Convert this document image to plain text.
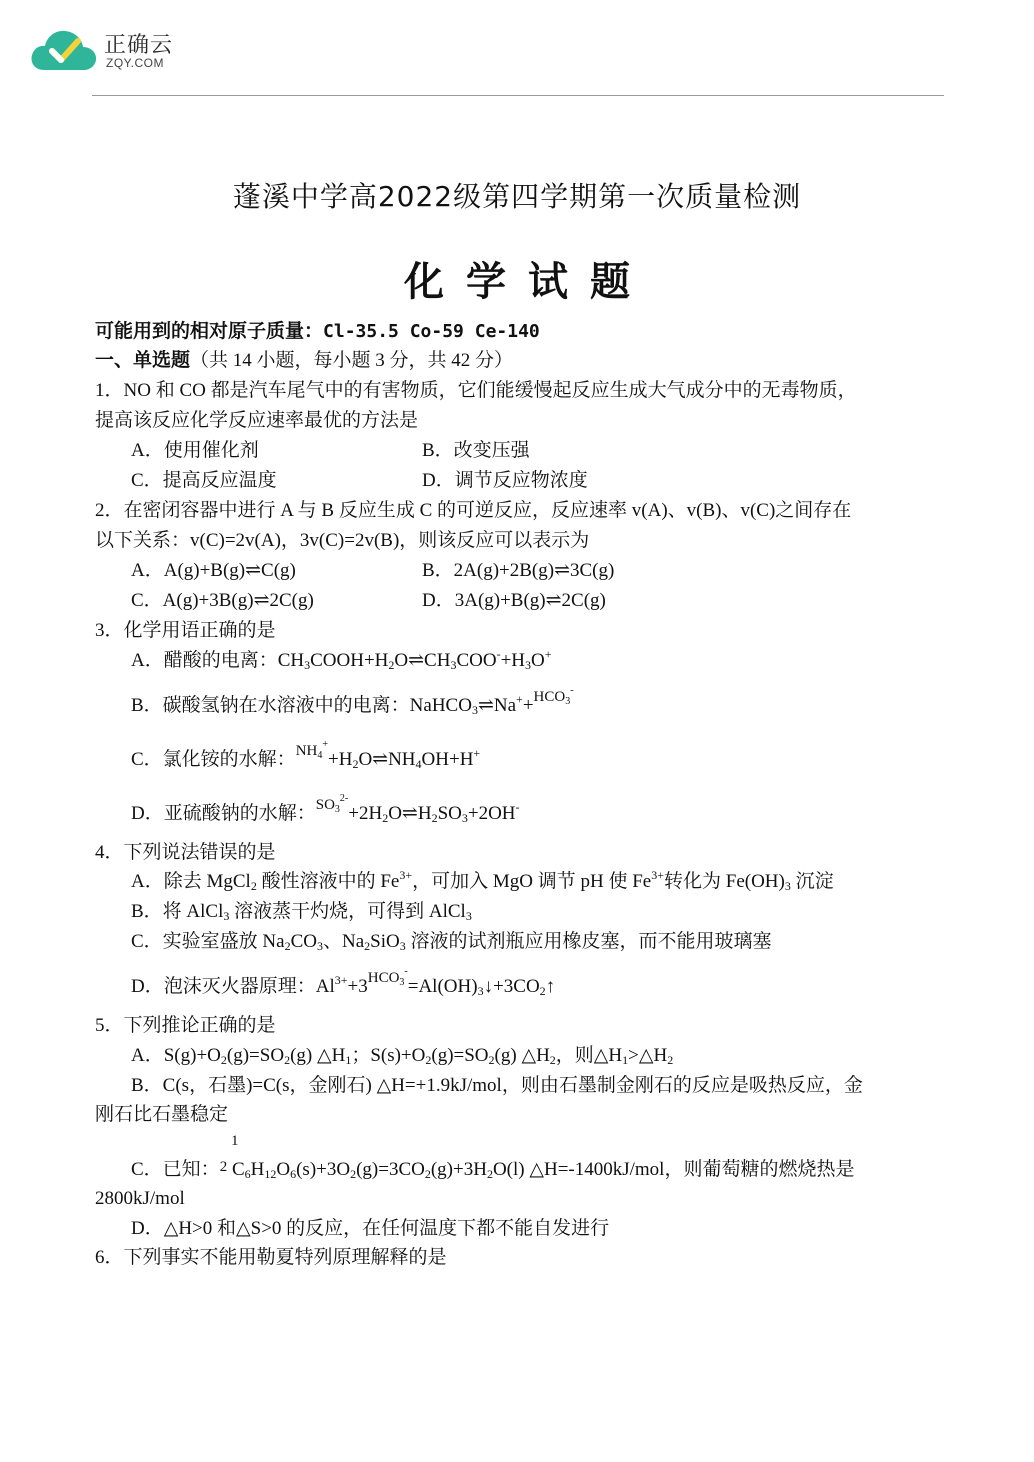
正确云
ZQY.COM
蓬溪中学高2022级第四学期第一次质量检测
化学试题
可能用到的相对原子质量：Cl-35.5 Co-59 Ce-140
一、单选题（共 14 小题，每小题 3 分，共 42 分）
1．NO 和 CO 都是汽车尾气中的有害物质，它们能缓慢起反应生成大气成分中的无毒物质，
提高该反应化学反应速率最优的方法是
A．使用催化剂	B．改变压强
C．提高反应温度	D．调节反应物浓度
2．在密闭容器中进行 A 与 B 反应生成 C 的可逆反应，反应速率 v(A)、v(B)、v(C)之间存在
以下关系：v(C)=2v(A)，3v(C)=2v(B)，则该反应可以表示为
A．A(g)+B(g)⇌C(g)	B．2A(g)+2B(g)⇌3C(g)
C．A(g)+3B(g)⇌2C(g)	D．3A(g)+B(g)⇌2C(g)
3．化学用语正确的是
A．醋酸的电离：$CH_3COOH+H_2O\rightleftharpoons CH_3COO^-+H_3O^+$
B．碳酸氢钠在水溶液中的电离：NaHCO$_3$⇌Na++$^{HCO_3^-}$
C．氯化铵的水解：$^{NH_4^+}+H_2O\rightleftharpoons NH_4OH+H^+$
D．亚硫酸钠的水解：$^{SO_3^{2-}}+2H_2O\rightleftharpoons H_2SO_3+2OH^-$
4．下列说法错误的是
A．除去 MgCl$_2$ 酸性溶液中的 $Fe^{3+}$，可加入 MgO 调节 pH 使 $Fe^{3+}$转化为 $Fe(OH)_3$ 沉淀
B．将 AlCl$_3$ 溶液蒸干灼烧，可得到 AlCl$_3$
C．实验室盛放 $Na_2CO_3$、$Na_2SiO_3$ 溶液的试剂瓶应用橡皮塞，而不能用玻璃塞
D．泡沫灭火器原理：$Al^{3+}+3^{HCO_3^-}=Al(OH)_3↓+3CO_2↑$
5．下列推论正确的是
A．$S(g)+O_2(g)=SO_2(g)$ $\triangle H_1$；$S(s)+O_2(g)=SO_2(g)$ $\triangle H_2$，则$\triangle H_1>\triangle H_2$
B．C(s，石墨)=C(s，金刚石) △H=+1.9kJ/mol，则由石墨制金刚石的反应是吸热反应，金
刚石比石墨稳定
1
C．已知：$^2$ $C_6H_{12}O_6(s)+3O_2(g)=3CO_2(g)+3H_2O(l)$ △H=-1400kJ/mol，则葡萄糖的燃烧热是
2800kJ/mol
D．△H>0 和△S>0 的反应，在任何温度下都不能自发进行
6．下列事实不能用勒夏特列原理解释的是
